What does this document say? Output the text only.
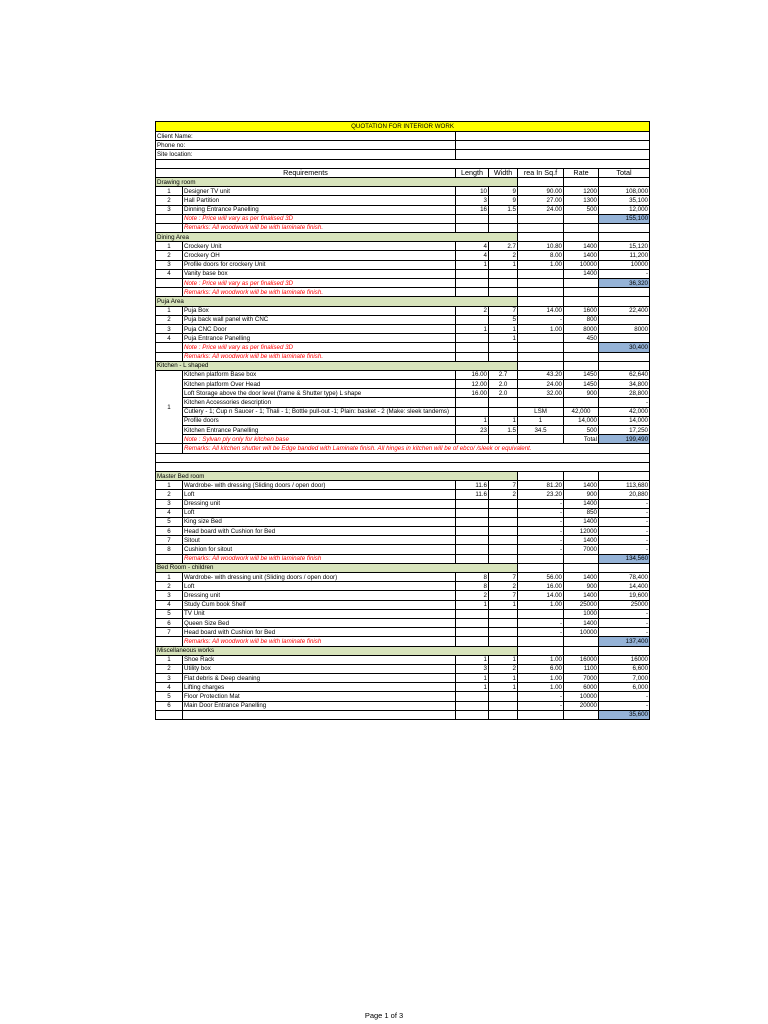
QUOTATION FOR INTERIOR WORK						
Client Name:						
Phone no:						
Site location:						

Requirements		Length	Width	rea In Sq.f	Rate	Total
Drawing room						
1	Designer TV unit	10	9	90.00	1200	108,000
2	Hall Partition	3	9	27.00	1300	35,100
3	Dinning Entrance Panelling	16	1.5	24.00	500	12,000
	Note : Price will vary as per finalised 3D					155,100
	Remarks: All woodwork will be with laminate finish.					
Dining Area						
1	Crockery Unit	4	2.7	10.80	1400	15,120
2	Crockery OH	4	2	8.00	1400	11,200
3	Profile doors for crockery Unit	1	1	1.00	10000	10000
4	Vanity base box				1400	-
	Note : Price will vary as per finalised 3D					36,320
	Remarks: All woodwork will be with laminate finish.					
Puja Area						
1	Puja Box	2	7	14.00	1600	22,400
2	Puja back wall panel with CNC		5	-	800	
3	Puja CNC Door	1	1	1.00	8000	8000
4	Puja Entrance Panelling		1		450	
	Note : Price will vary as per finalised 3D					30,400
	Remarks: All woodwork will be with laminate finish.					
Kitchen - L shaped						
1	Kitchen platform Base box	16.00	2.7	43.20	1450	62,640
	Kitchen platform Over Head	12.00	2.0	24.00	1450	34,800
	Loft Storage above the door level (frame & Shutter type) L shape	16.00	2.0	32.00	900	28,800
	Kitchen Accessories description					-
	Cutlery - 1; Cup n Saucer - 1; Thali - 1; Bottle pull-out -1; Plain: basket - 2 (Make: sleek tandems)			LSM	42,000	42,000
	Profile doors	1	1	1	14,000	14,000
	Kitchen Entrance Panelling	23	1.5	34.5	500	17,250
	Note : Sylvan ply only for kitchen base				Total	199,490
	Remarks: All kitchen shutter will be Edge banded with Laminate finish. All hinges in kitchen will be of ebco/ /sleek or equivalent.					

Master Bed room						
1	Wardrobe- with dressing (Sliding doors / open door)	11.6	7	81.20	1400	113,680
2	Loft	11.6	2	23.20	900	20,880
3	Dressing unit			-	1400	-
4	Loft			-	850	-
5	King size Bed			-	1400	-
6	Head board with Cushion for Bed			-	12000	-
7	Sitout			-	1400	-
8	Cushion for sitout			-	7000	-
	Remarks: All woodwork will be with laminate finish					134,560
Bed Room - children						
1	Wardrobe- with dressing unit (Sliding doors / open door)	8	7	56.00	1400	78,400
2	Loft	8	2	16.00	900	14,400
3	Dressing unit	2	7	14.00	1400	19,600
4	Study Cum book Shelf	1	1	1.00	25000	25000
5	TV Unit				1000	-
6	Queen Size Bed			-	1400	-
7	Head board with Cushion for Bed			-	10000	-
	Remarks: All woodwork will be with laminate finish					137,400
Miscellaneous works						
1	Shoe Rack	1	1	1.00	16000	16000
2	Utility box	3	2	6.00	1100	6,600
3	Flat debris & Deep cleaning	1	1	1.00	7000	7,000
4	Lifting charges	1	1	1.00	6000	6,000
5	Floor Protection Mat			-	10000	-
6	Main Door Entrance Panelling			-	20000	-
						35,600
Page 1 of 3
